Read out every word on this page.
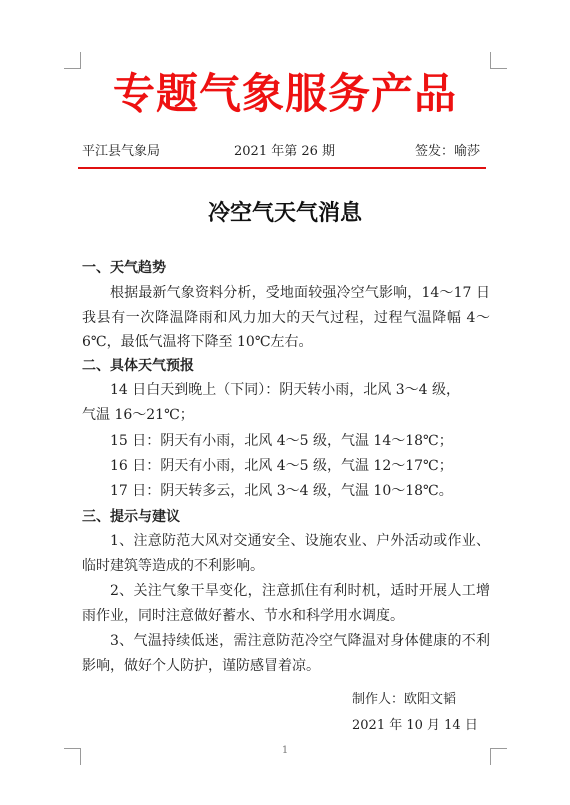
专题气象服务产品
平江县气象局	2021 年第 26 期	签发：喻莎
冷空气天气消息
一、天气趋势
根据最新气象资料分析，受地面较强冷空气影响，14～17 日我县有一次降温降雨和风力加大的天气过程，过程气温降幅 4～6℃，最低气温将下降至 10℃左右。
二、具体天气预报
14 日白天到晚上（下同）：阴天转小雨，北风 3～4 级，
气温 16～21℃；
15 日：阴天有小雨，北风 4～5 级，气温 14～18℃；
16 日：阴天有小雨，北风 4～5 级，气温 12～17℃；
17 日：阴天转多云，北风 3～4 级，气温 10～18℃。
三、提示与建议
1、注意防范大风对交通安全、设施农业、户外活动或作业、临时建筑等造成的不利影响。
2、关注气象干旱变化，注意抓住有利时机，适时开展人工增雨作业，同时注意做好蓄水、节水和科学用水调度。
3、气温持续低迷，需注意防范冷空气降温对身体健康的不利影响，做好个人防护，谨防感冒着凉。
制作人：欧阳文韬
2021 年 10 月 14 日
1
